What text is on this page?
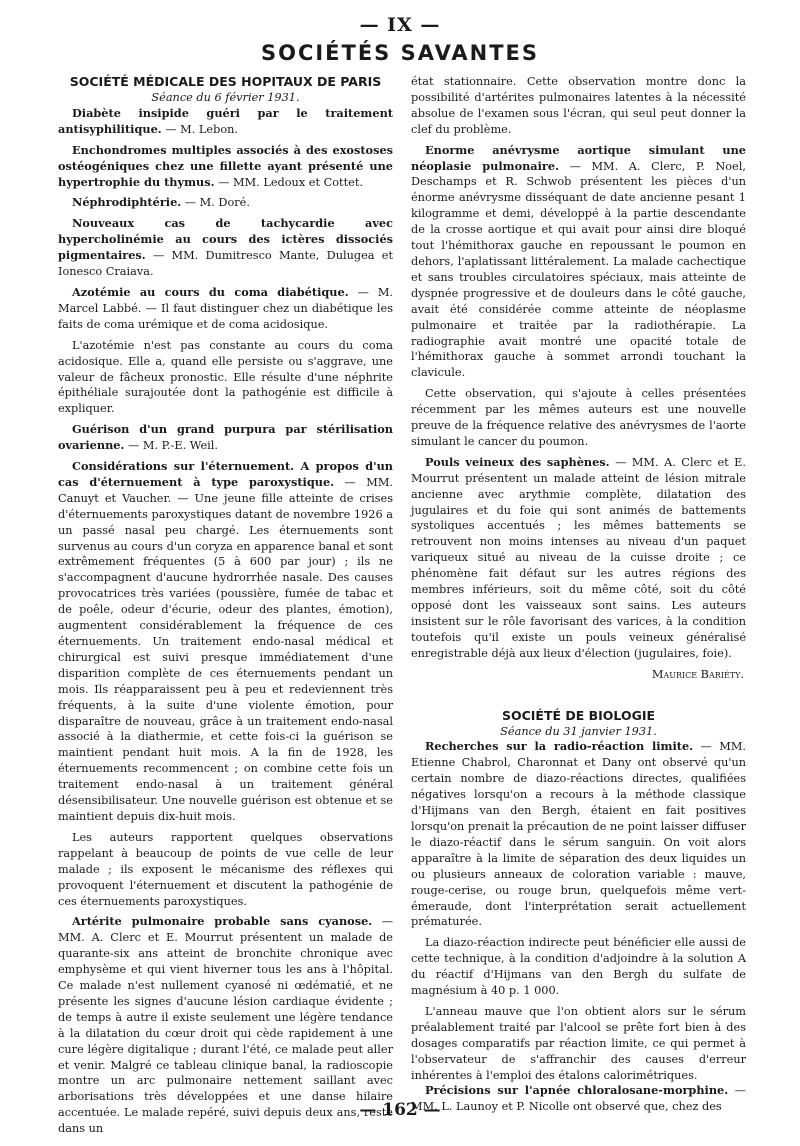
— IX —
SOCIÉTÉS SAVANTES

SOCIÉTÉ MÉDICALE DES HOPITAUX DE PARIS

Séance du 6 février 1931.

Diabète insipide guéri par le traitement antisyphilitique. — M. Lebon.

Enchondromes multiples associés à des exostoses ostéogéniques chez une fillette ayant présenté une hypertrophie du thymus. — MM. Ledoux et Cottet.

Néphrodiphtérie. — M. Doré.

Nouveaux cas de tachycardie avec hypercholinémie au cours des ictères dissociés pigmentaires. — MM. Dumitresco Mante, Dulugea et Ionesco Craiava.

Azotémie au cours du coma diabétique. — M. Marcel Labbé. — Il faut distinguer chez un diabétique les faits de coma urémique et de coma acidosique.

L'azotémie n'est pas constante au cours du coma acidosique. Elle a, quand elle persiste ou s'aggrave, une valeur de fâcheux pronostic. Elle résulte d'une néphrite épithéliale surajoutée dont la pathogénie est difficile à expliquer.

Guérison d'un grand purpura par stérilisation ovarienne. — M. P.-E. Weil.

Considérations sur l'éternuement. A propos d'un cas d'éternuement à type paroxystique. — MM. Canuyt et Vaucher. — Une jeune fille atteinte de crises d'éternuements paroxystiques datant de novembre 1926 a un passé nasal peu chargé. Les éternuements sont survenus au cours d'un coryza en apparence banal et sont extrêmement fréquentes (5 à 600 par jour) ; ils ne s'accompagnent d'aucune hydrorrhée nasale. Des causes provocatrices très variées (poussière, fumée de tabac et de poêle, odeur d'écurie, odeur des plantes, émotion), augmentent considérablement la fréquence de ces éternuements. Un traitement endo-nasal médical et chirurgical est suivi presque immédiatement d'une disparition complète de ces éternuements pendant un mois. Ils réapparaissent peu à peu et redeviennent très fréquents, à la suite d'une violente émotion, pour disparaître de nouveau, grâce à un traitement endo-nasal associé à la diathermie, et cette fois-ci la guérison se maintient pendant huit mois. A la fin de 1928, les éternuements recommencent ; on combine cette fois un traitement endo-nasal à un traitement général désensibilisateur. Une nouvelle guérison est obtenue et se maintient depuis dix-huit mois.

Les auteurs rapportent quelques observations rappelant à beaucoup de points de vue celle de leur malade ; ils exposent le mécanisme des réflexes qui provoquent l'éternuement et discutent la pathogénie de ces éternuements paroxystiques.

Artérite pulmonaire probable sans cyanose. — MM. A. Clerc et E. Mourrut présentent un malade de quarante-six ans atteint de bronchite chronique avec emphysème et qui vient hiverner tous les ans à l'hôpital. Ce malade n'est nullement cyanosé ni œdématié, et ne présente les signes d'aucune lésion cardiaque évidente ; de temps à autre il existe seulement une légère tendance à la dilatation du cœur droit qui cède rapidement à une cure légère digitalique ; durant l'été, ce malade peut aller et venir. Malgré ce tableau clinique banal, la radioscopie montre un arc pulmonaire nettement saillant avec arborisations très développées et une danse hilaire accentuée. Le malade repéré, suivi depuis deux ans, reste dans un

état stationnaire. Cette observation montre donc la possibilité d'artérites pulmonaires latentes à la nécessité absolue de l'examen sous l'écran, qui seul peut donner la clef du problème.

Enorme anévrysme aortique simulant une néoplasie pulmonaire. — MM. A. Clerc, P. Noel, Deschamps et R. Schwob présentent les pièces d'un énorme anévrysme disséquant de date ancienne pesant 1 kilogramme et demi, développé à la partie descendante de la crosse aortique et qui avait pour ainsi dire bloqué tout l'hémithorax gauche en repoussant le poumon en dehors, l'aplatissant littéralement. La malade cachectique et sans troubles circulatoires spéciaux, mais atteinte de dyspnée progressive et de douleurs dans le côté gauche, avait été considérée comme atteinte de néoplasme pulmonaire et traitée par la radiothérapie. La radiographie avait montré une opacité totale de l'hémithorax gauche à sommet arrondi touchant la clavicule.

Cette observation, qui s'ajoute à celles présentées récemment par les mêmes auteurs est une nouvelle preuve de la fréquence relative des anévrysmes de l'aorte simulant le cancer du poumon.

Pouls veineux des saphènes. — MM. A. Clerc et E. Mourrut présentent un malade atteint de lésion mitrale ancienne avec arythmie complète, dilatation des jugulaires et du foie qui sont animés de battements systoliques accentués ; les mêmes battements se retrouvent non moins intenses au niveau d'un paquet variqueux situé au niveau de la cuisse droite ; ce phénomène fait défaut sur les autres régions des membres inférieurs, soit du même côté, soit du côté opposé dont les vaisseaux sont sains. Les auteurs insistent sur le rôle favorisant des varices, à la condition toutefois qu'il existe un pouls veineux généralisé enregistrable déjà aux lieux d'élection (jugulaires, foie).

Maurice Bariéty.

SOCIÉTÉ DE BIOLOGIE

Séance du 31 janvier 1931.

Recherches sur la radio-réaction limite. — MM. Etienne Chabrol, Charonnat et Dany ont observé qu'un certain nombre de diazo-réactions directes, qualifiées négatives lorsqu'on a recours à la méthode classique d'Hijmans van den Bergh, étaient en fait positives lorsqu'on prenait la précaution de ne point laisser diffuser le diazo-réactif dans le sérum sanguin. On voit alors apparaître à la limite de séparation des deux liquides un ou plusieurs anneaux de coloration variable : mauve, rouge-cerise, ou rouge brun, quelquefois même vert-émeraude, dont l'interprétation serait actuellement prématurée.

La diazo-réaction indirecte peut bénéficier elle aussi de cette technique, à la condition d'adjoindre à la solution A du réactif d'Hijmans van den Bergh du sulfate de magnésium à 40 p. 1 000.

L'anneau mauve que l'on obtient alors sur le sérum préalablement traité par l'alcool se prête fort bien à des dosages comparatifs par réaction limite, ce qui permet à l'observateur de s'affranchir des causes d'erreur inhérentes à l'emploi des étalons calorimétriques.

Précisions sur l'apnée chloralosane-morphine. — MM. L. Launoy et P. Nicolle ont observé que, chez des

— 162 —
